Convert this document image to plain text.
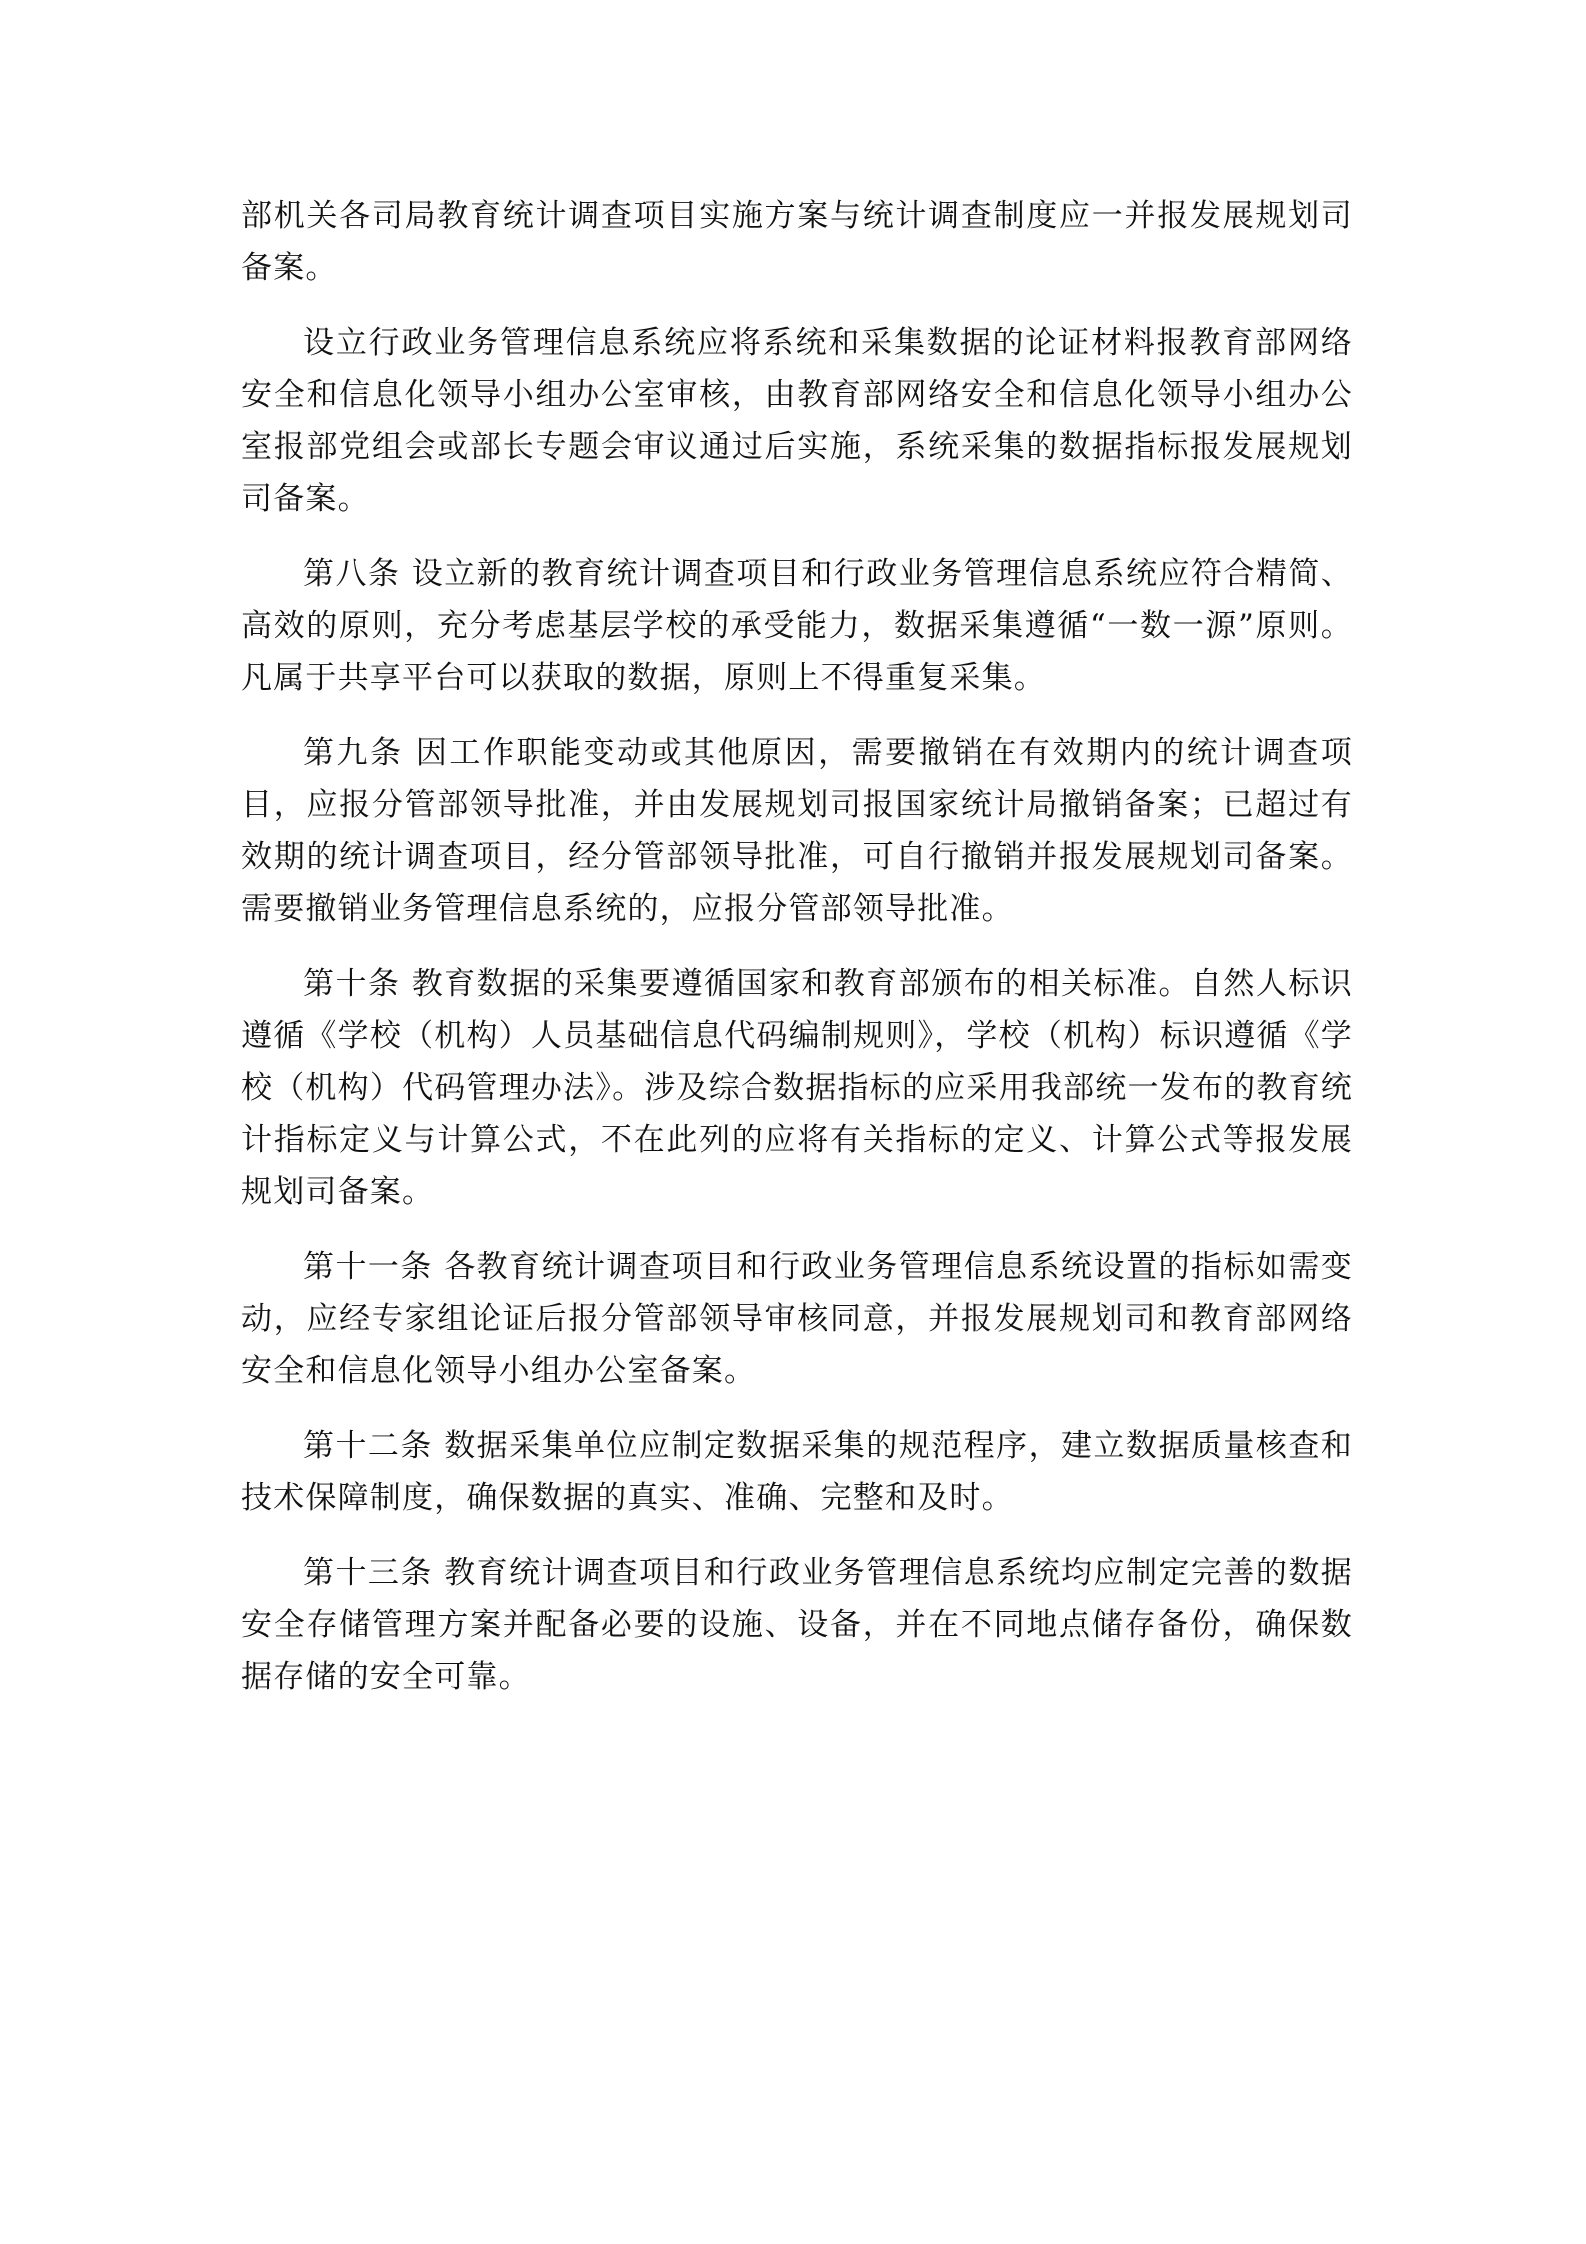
部机关各司局教育统计调查项目实施方案与统计调查制度应一并报发展规划司备案。

设立行政业务管理信息系统应将系统和采集数据的论证材料报教育部网络安全和信息化领导小组办公室审核，由教育部网络安全和信息化领导小组办公室报部党组会或部长专题会审议通过后实施，系统采集的数据指标报发展规划司备案。

第八条 设立新的教育统计调查项目和行政业务管理信息系统应符合精简、高效的原则，充分考虑基层学校的承受能力，数据采集遵循“一数一源”原则。凡属于共享平台可以获取的数据，原则上不得重复采集。

第九条 因工作职能变动或其他原因，需要撤销在有效期内的统计调查项目，应报分管部领导批准，并由发展规划司报国家统计局撤销备案；已超过有效期的统计调查项目，经分管部领导批准，可自行撤销并报发展规划司备案。需要撤销业务管理信息系统的，应报分管部领导批准。

第十条 教育数据的采集要遵循国家和教育部颁布的相关标准。自然人标识遵循《学校（机构）人员基础信息代码编制规则》，学校（机构）标识遵循《学校（机构）代码管理办法》。涉及综合数据指标的应采用我部统一发布的教育统计指标定义与计算公式，不在此列的应将有关指标的定义、计算公式等报发展规划司备案。

第十一条 各教育统计调查项目和行政业务管理信息系统设置的指标如需变动，应经专家组论证后报分管部领导审核同意，并报发展规划司和教育部网络安全和信息化领导小组办公室备案。

第十二条 数据采集单位应制定数据采集的规范程序，建立数据质量核查和技术保障制度，确保数据的真实、准确、完整和及时。

第十三条 教育统计调查项目和行政业务管理信息系统均应制定完善的数据安全存储管理方案并配备必要的设施、设备，并在不同地点储存备份，确保数据存储的安全可靠。
